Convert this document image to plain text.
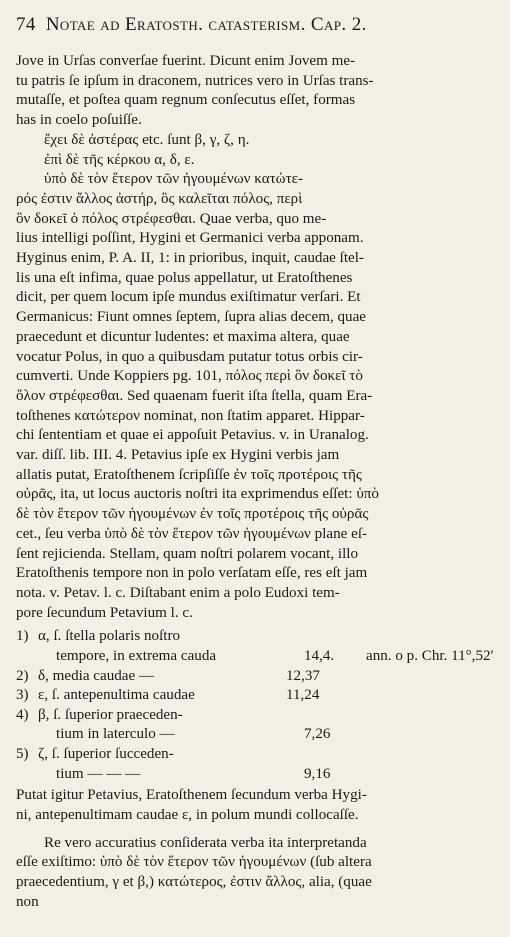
74 Notae ad Eratosth. catasterism. Cap. 2.
Jove in Urſas converſae fuerint. Dicunt enim Jovem me-
tu patris ſe ipſum in draconem, nutrices vero in Urſas trans-
mutaſſe, et poſtea quam regnum conſecutus eſſet, formas
has in coelo poſuiſſe.
ἔχει δὲ ἀστέρας etc. ſunt β, γ, ζ, η.
ἐπὶ δὲ τῆς κέρκου α, δ, ε.
ὑπὸ δὲ τὸν ἕτερον τῶν ἡγουμένων κατώτε-
ρός ἐστιν ἄλλος ἀστήρ, ὃς καλεῖται πόλος, περὶ
ὃν δοκεῖ ὁ πόλος στρέφεσθαι. Quae verba, quo me-
lius intelligi poſſint, Hygini et Germanici verba apponam.
Hyginus enim, P. A. II, 1: in prioribus, inquit, caudae ſtel-
lis una eſt infima, quae polus appellatur, ut Eratoſthenes
dicit, per quem locum ipſe mundus exiſtimatur verſari. Et
Germanicus: Fiunt omnes ſeptem, ſupra alias decem, quae
praecedunt et dicuntur ludentes: et maxima altera, quae
vocatur Polus, in quo a quibusdam putatur totus orbis cir-
cumverti. Unde Koppiers pg. 101, πόλος περὶ ὃν δοκεῖ τὸ
ὅλον στρέφεσθαι. Sed quaenam fuerit iſta ſtella, quam Era-
toſthenes κατώτερον nominat, non ſtatim apparet. Hippar-
chi ſententiam et quae ei appoſuit Petavius. v. in Uranalog.
var. diſſ. lib. III. 4. Petavius ipſe ex Hygini verbis jam
allatis putat, Eratoſthenem ſcripſiſſe ἐν τοῖς προτέροις τῆς
οὐρᾶς, ita, ut locus auctoris noſtri ita exprimendus eſſet: ὑπὸ
δὲ τὸν ἕτερον τῶν ἡγουμένων ἐν τοῖς προτέροις τῆς οὐρᾶς
cet., ſeu verba ὑπὸ δὲ τὸν ἕτερον τῶν ἡγουμένων plane eſ-
ſent rejicienda. Stellam, quam noſtri polarem vocant, illo
Eratoſthenis tempore non in polo verſatam eſſe, res eſt jam
nota. v. Petav. l. c. Diſtabant enim a polo Eudoxi tem-
pore ſecundum Petavium l. c.
1) α, ſ. ſtella polaris noſtro
tempore, in extrema cauda	14,4.	ann. o p. Chr. 11°,52′
2) δ, media caudae —	12,37
3) ε, ſ. antepenultima caudae	11,24
4) β, ſ. ſuperior praeceden-
tium in laterculo —	7,26
5) ζ, ſ. ſuperior ſucceden-
tium — — —	9,16
Putat igitur Petavius, Eratoſthenem ſecundum verba Hygi-
ni, antepenultimam caudae ε, in polum mundi collocaſſe.
Re vero accuratius conſiderata verba ita interpretanda
eſſe exiſtimo: ὑπὸ δὲ τὸν ἕτερον τῶν ἡγουμένων (ſub altera
praecedentium, γ et β,) κατώτερος, ἐστιν ἄλλος, alia, (quae
non
